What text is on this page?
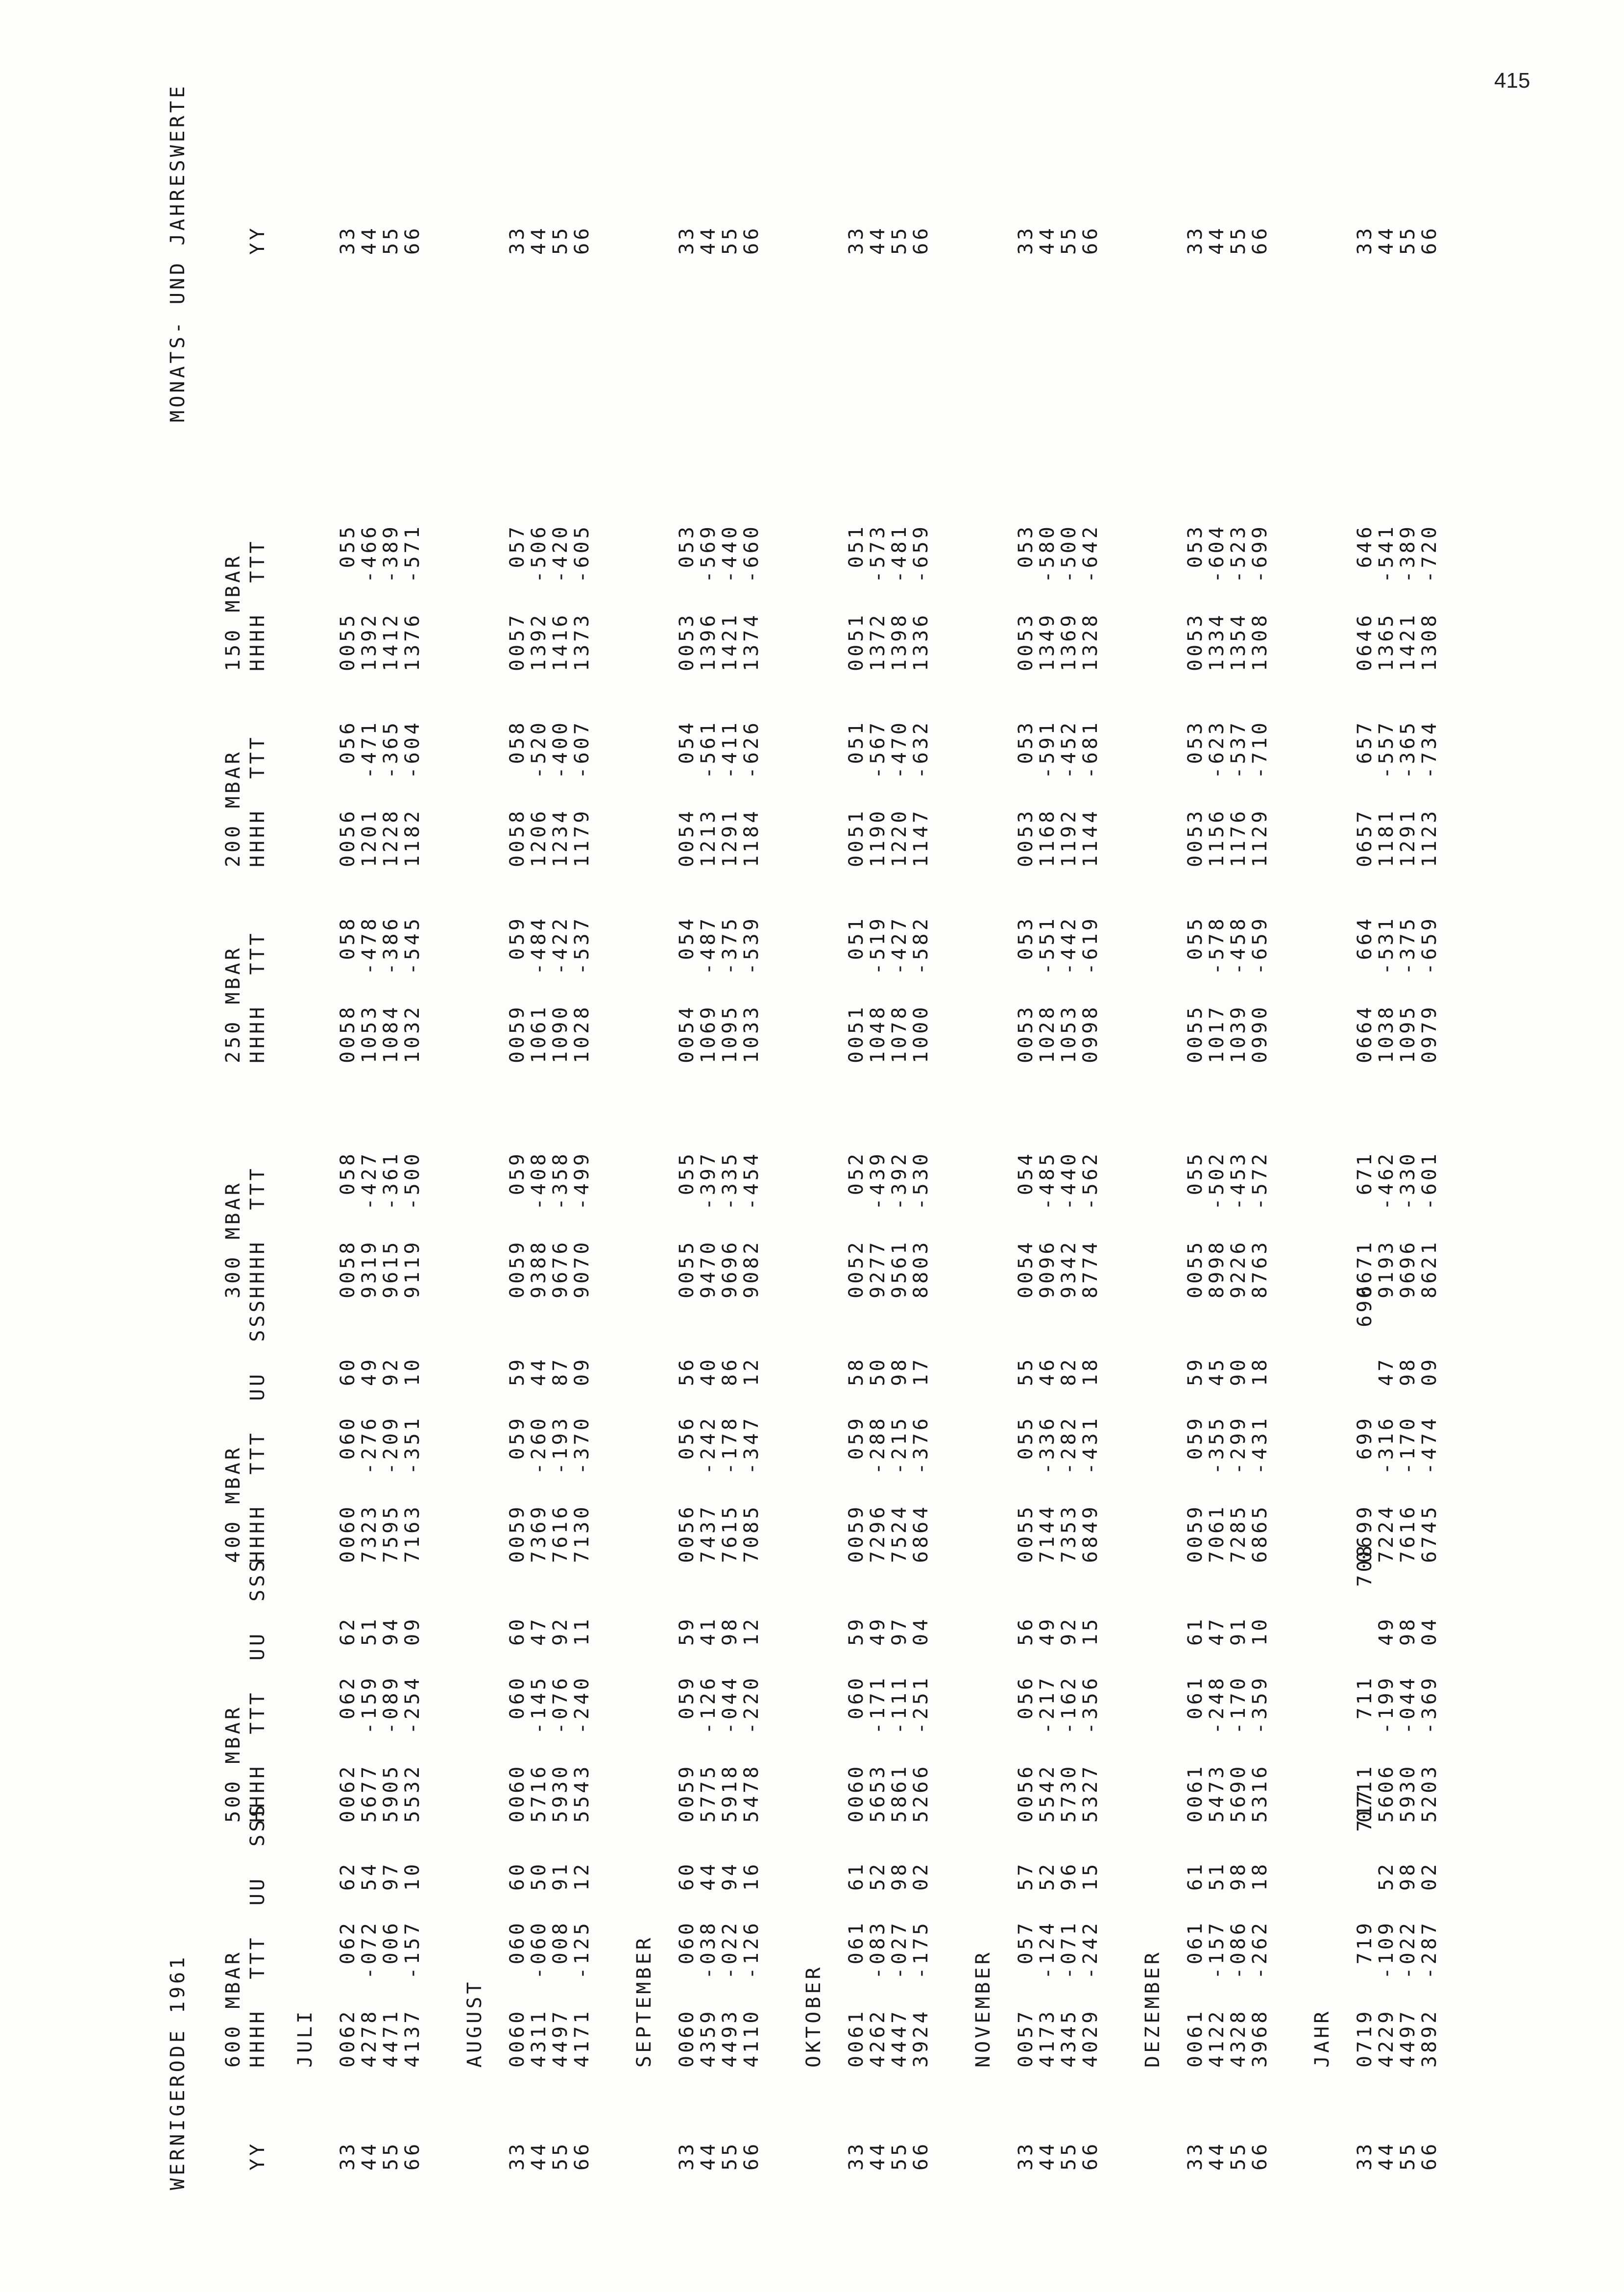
415
WERNIGERODE 1961
MONATS- UND JAHRESWERTE
YY
YY
600 MBAR HHHH  TTT  UU  SSS
500 MBAR HHHH  TTT  UU  SSS
400 MBAR HHHH  TTT  UU  SSS
300 MBAR HHHH  TTT
250 MBAR HHHH  TTT
200 MBAR HHHH  TTT
150 MBAR HHHH  TTT
JULI
33
33
0062   062  62
0062   062  62
0060   060  60
0058   058
0058   058
0056   056
0055   055
44
44
4278  -072  54
5677  -159  51
7323  -276  49
9319  -427
1053  -478
1201  -471
1392  -466
55
55
4471   006  97
5905  -089  94
7595  -209  92
9615  -361
1084  -386
1228  -365
1412  -389
66
66
4137  -157  10
5532  -254  09
7163  -351  10
9119  -500
1032  -545
1182  -604
1376  -571
AUGUST
33
33
0060   060  60
0060   060  60
0059   059  59
0059   059
0059   059
0058   058
0057   057
44
44
4311  -060  50
5716  -145  47
7369  -260  44
9388  -408
1061  -484
1206  -520
1392  -506
55
55
4497   008  91
5930  -076  92
7616  -193  87
9676  -358
1090  -422
1234  -400
1416  -420
66
66
4171  -125  12
5543  -240  11
7130  -370  09
9070  -499
1028  -537
1179  -607
1373  -605
SEPTEMBER
33
33
0060   060  60
0059   059  59
0056   056  56
0055   055
0054   054
0054   054
0053   053
44
44
4359  -038  44
5775  -126  41
7437  -242  40
9470  -397
1069  -487
1213  -561
1396  -569
55
55
4493  -022  94
5918  -044  98
7615  -178  86
9696  -335
1095  -375
1291  -411
1421  -440
66
66
4110  -126  16
5478  -220  12
7085  -347  12
9082  -454
1033  -539
1184  -626
1374  -660
OKTOBER
33
33
0061   061  61
0060   060  59
0059   059  58
0052   052
0051   051
0051   051
0051   051
44
44
4262  -083  52
5653  -171  49
7296  -288  50
9277  -439
1048  -519
1190  -567
1372  -573
55
55
4447  -027  98
5861  -111  97
7524  -215  98
9561  -392
1078  -427
1220  -470
1398  -481
66
66
3924  -175  02
5266  -251  04
6864  -376  17
8803  -530
1000  -582
1147  -632
1336  -659
NOVEMBER
33
33
0057   057  57
0056   056  56
0055   055  55
0054   054
0053   053
0053   053
0053   053
44
44
4173  -124  52
5542  -217  49
7144  -336  46
9096  -485
1028  -551
1168  -591
1349  -580
55
55
4345  -071  96
5730  -162  92
7353  -282  82
9342  -440
1053  -442
1192  -452
1369  -500
66
66
4029  -242  15
5327  -356  15
6849  -431  18
8774  -562
0998  -619
1144  -681
1328  -642
DEZEMBER
33
33
0061   061  61
0061   061  61
0059   059  59
0055   055
0055   055
0053   053
0053   053
44
44
4122  -157  51
5473  -248  47
7061  -355  45
8998  -502
1017  -578
1156  -623
1334  -604
55
55
4328  -086  98
5690  -170  91
7285  -299  90
9226  -453
1039  -458
1176  -537
1354  -523
66
66
3968  -262  18
5316  -359  10
6865  -431  18
8763  -572
0990  -659
1129  -710
1308  -699
JAHR
33
33
0719   719      717
0711   711      708
0699   699      696
0671   671
0664   664
0657   657
0646   646
44
44
4229  -109  52
5606  -199  49
7224  -316  47
9193  -462
1038  -531
1181  -557
1365  -541
55
55
4497  -022  98
5930  -044  98
7616  -170  98
9696  -330
1095  -375
1291  -365
1421  -389
66
66
3892  -287  02
5203  -369  04
6745  -474  09
8621  -601
0979  -659
1123  -734
1308  -720
